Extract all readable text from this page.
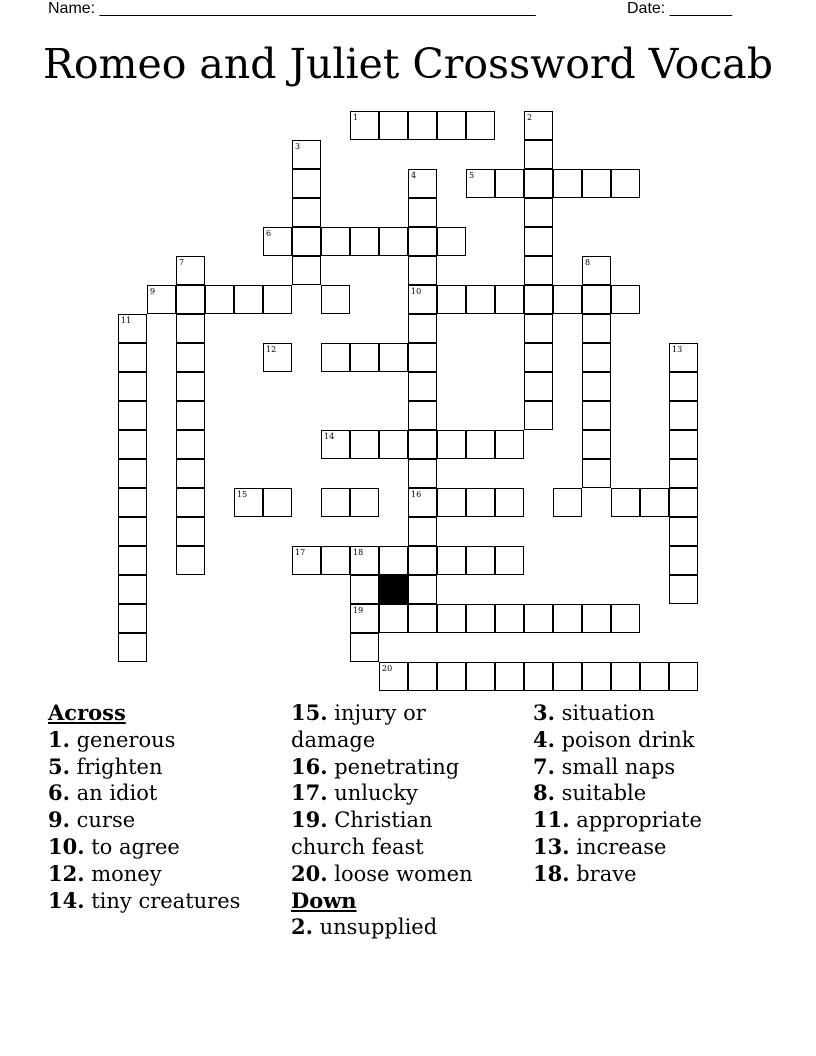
Name: _________________________________________________	Date: _______
Romeo and Juliet Crossword Vocab
1	2
3
4
10
16
5
6
7	8
9
11
12	13
14
15
17	18
19
20
Across
1. generous
5. frighten
6. an idiot
9. curse
10. to agree
12. money
14. tiny creatures
15. injury or damage
16. penetrating
17. unlucky
19. Christian church feast
20. loose women
Down
2. unsupplied
3. situation
4. poison drink
7. small naps
8. suitable
11. appropriate
13. increase
18. brave
